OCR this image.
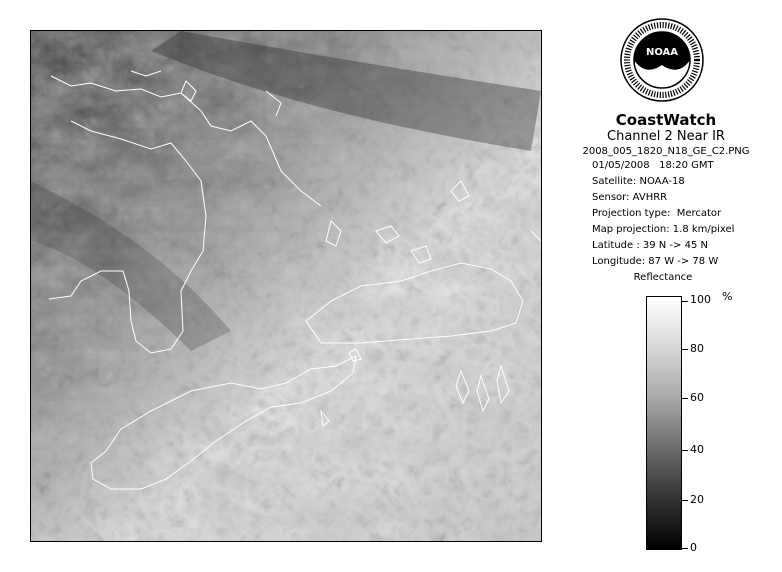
NOAA
CoastWatch
Channel 2 Near IR
2008_005_1820_N18_GE_C2.PNG
01/05/2008   18:20 GMT
Satellite: NOAA-18
Sensor: AVHRR
Projection type:  Mercator
Map projection: 1.8 km/pixel
Latitude : 39 N -> 45 N
Longitude: 87 W -> 78 W
Reflectance
%
100
80
60
40
20
0
